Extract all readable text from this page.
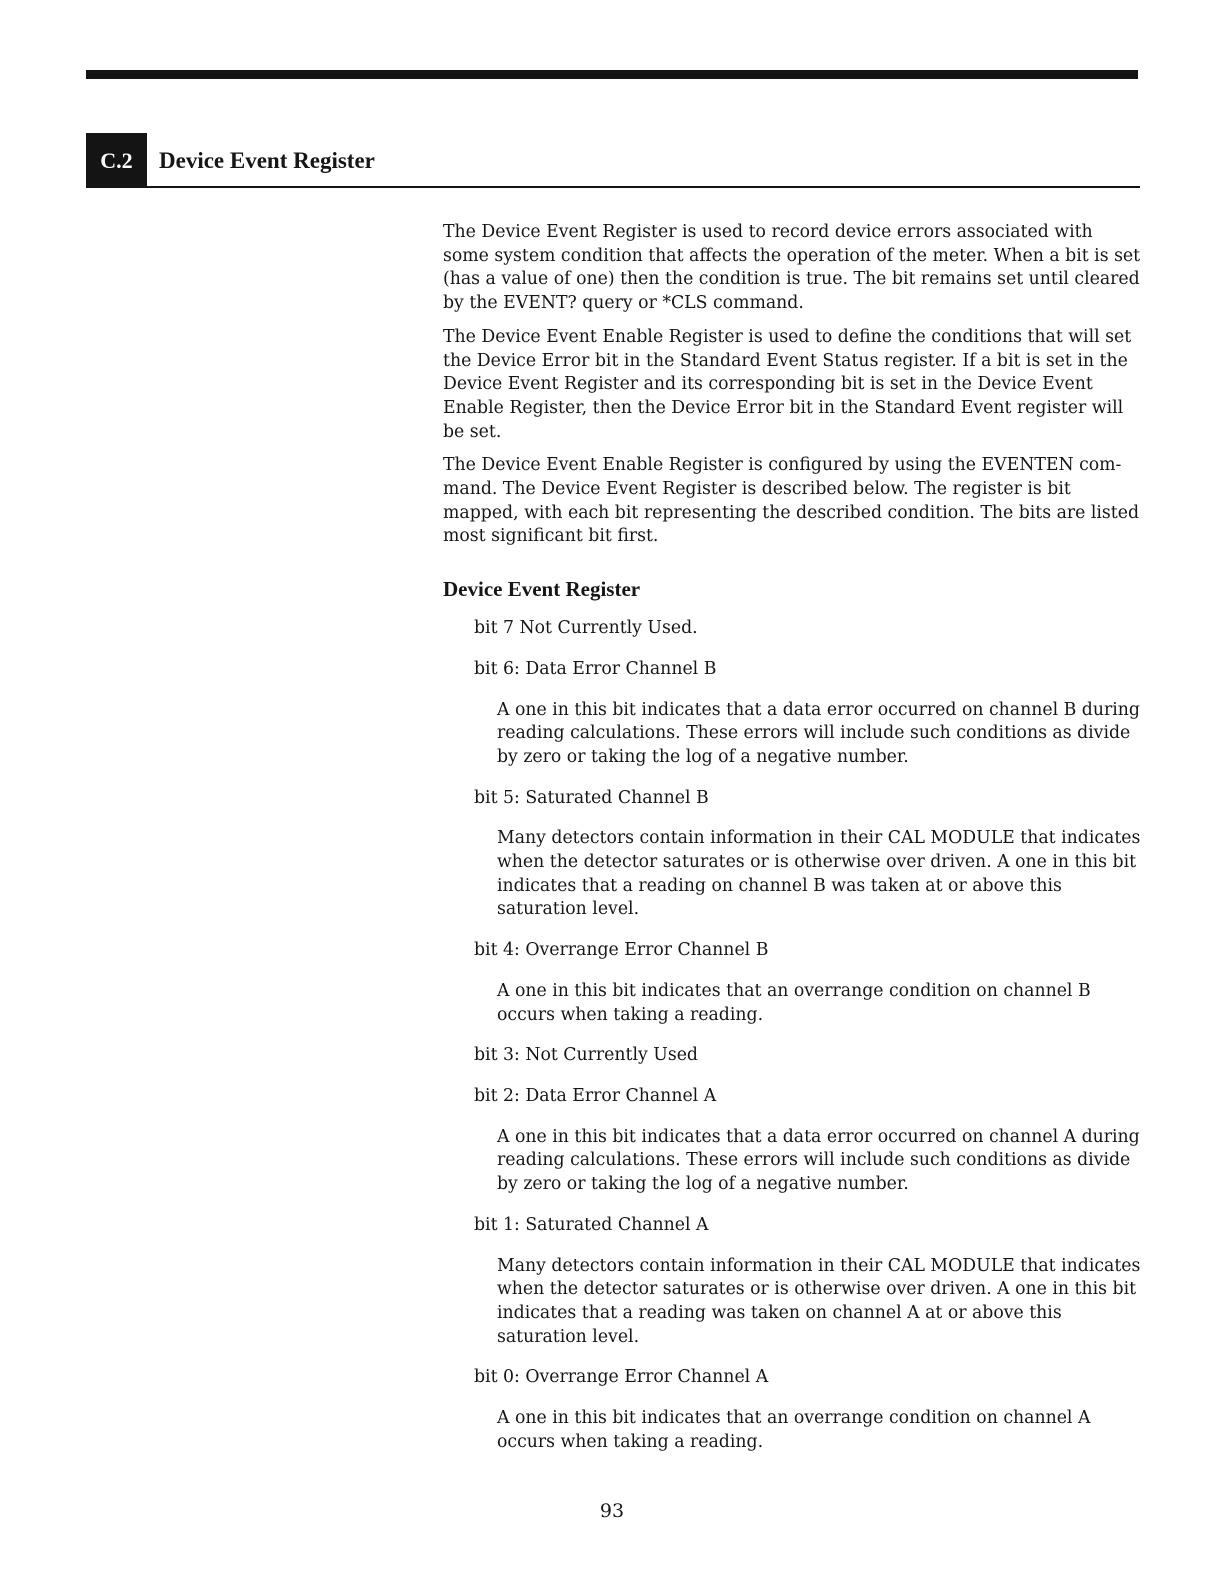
C.2	Device Event Register

The Device Event Register is used to record device errors associated with some system condition that affects the operation of the meter. When a bit is set (has a value of one) then the condition is true. The bit remains set until cleared by the EVENT? query or *CLS command.

The Device Event Enable Register is used to define the conditions that will set the Device Error bit in the Standard Event Status register. If a bit is set in the Device Event Register and its corresponding bit is set in the Device Event Enable Register, then the Device Error bit in the Standard Event register will be set.

The Device Event Enable Register is configured by using the EVENTEN com-mand. The Device Event Register is described below. The register is bit mapped, with each bit representing the described condition. The bits are listed most significant bit first.

Device Event Register
bit 7 Not Currently Used.
bit 6: Data Error Channel B
A one in this bit indicates that a data error occurred on channel B during reading calculations. These errors will include such conditions as divide by zero or taking the log of a negative number.
bit 5: Saturated Channel B
Many detectors contain information in their CAL MODULE that indicates when the detector saturates or is otherwise over driven. A one in this bit indicates that a reading on channel B was taken at or above this saturation level.
bit 4: Overrange Error Channel B
A one in this bit indicates that an overrange condition on channel B occurs when taking a reading.
bit 3: Not Currently Used
bit 2: Data Error Channel A
A one in this bit indicates that a data error occurred on channel A during reading calculations. These errors will include such conditions as divide by zero or taking the log of a negative number.
bit 1: Saturated Channel A
Many detectors contain information in their CAL MODULE that indicates when the detector saturates or is otherwise over driven. A one in this bit indicates that a reading was taken on channel A at or above this saturation level.
bit 0: Overrange Error Channel A
A one in this bit indicates that an overrange condition on channel A occurs when taking a reading.
93
